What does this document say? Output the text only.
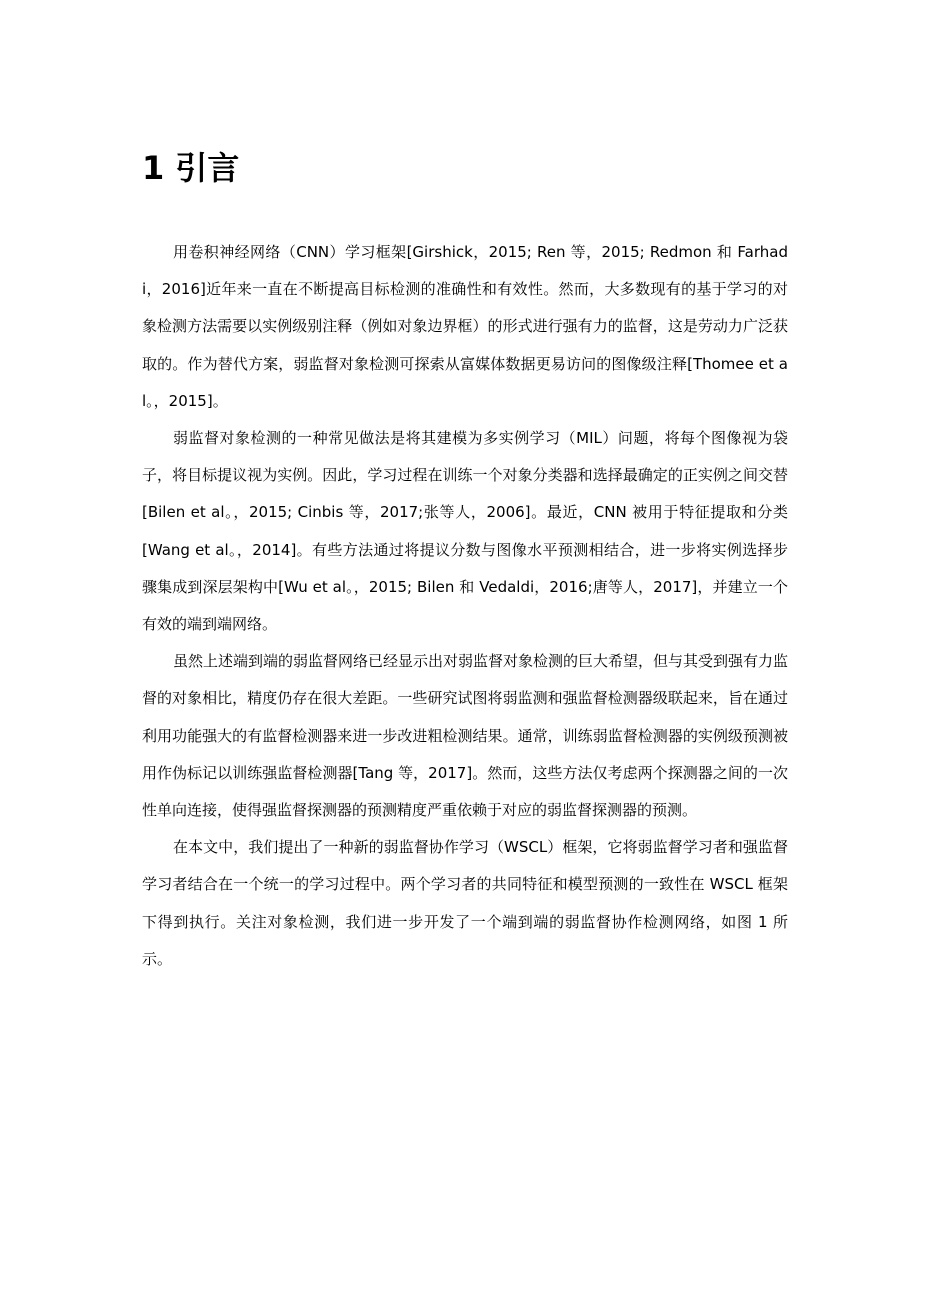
1 引言

用卷积神经网络（CNN）学习框架[Girshick，2015; Ren 等，2015; Redmon 和 Farhadi，2016]近年来一直在不断提高目标检测的准确性和有效性。然而，大多数现有的基于学习的对象检测方法需要以实例级别注释（例如对象边界框）的形式进行强有力的监督，这是劳动力广泛获取的。作为替代方案，弱监督对象检测可探索从富媒体数据更易访问的图像级注释[Thomee et al。，2015]。

弱监督对象检测的一种常见做法是将其建模为多实例学习（MIL）问题，将每个图像视为袋子，将目标提议视为实例。因此，学习过程在训练一个对象分类器和选择最确定的正实例之间交替[Bilen et al。，2015; Cinbis 等，2017;张等人，2006]。最近，CNN 被用于特征提取和分类[Wang et al。，2014]。有些方法通过将提议分数与图像水平预测相结合，进一步将实例选择步骤集成到深层架构中[Wu et al。，2015; Bilen 和 Vedaldi，2016;唐等人，2017]，并建立一个有效的端到端网络。

虽然上述端到端的弱监督网络已经显示出对弱监督对象检测的巨大希望，但与其受到强有力监督的对象相比，精度仍存在很大差距。一些研究试图将弱监测和强监督检测器级联起来，旨在通过利用功能强大的有监督检测器来进一步改进粗检测结果。通常，训练弱监督检测器的实例级预测被用作伪标记以训练强监督检测器[Tang 等，2017]。然而，这些方法仅考虑两个探测器之间的一次性单向连接，使得强监督探测器的预测精度严重依赖于对应的弱监督探测器的预测。

在本文中，我们提出了一种新的弱监督协作学习（WSCL）框架，它将弱监督学习者和强监督学习者结合在一个统一的学习过程中。两个学习者的共同特征和模型预测的一致性在 WSCL 框架下得到执行。关注对象检测，我们进一步开发了一个端到端的弱监督协作检测网络，如图 1 所示。
